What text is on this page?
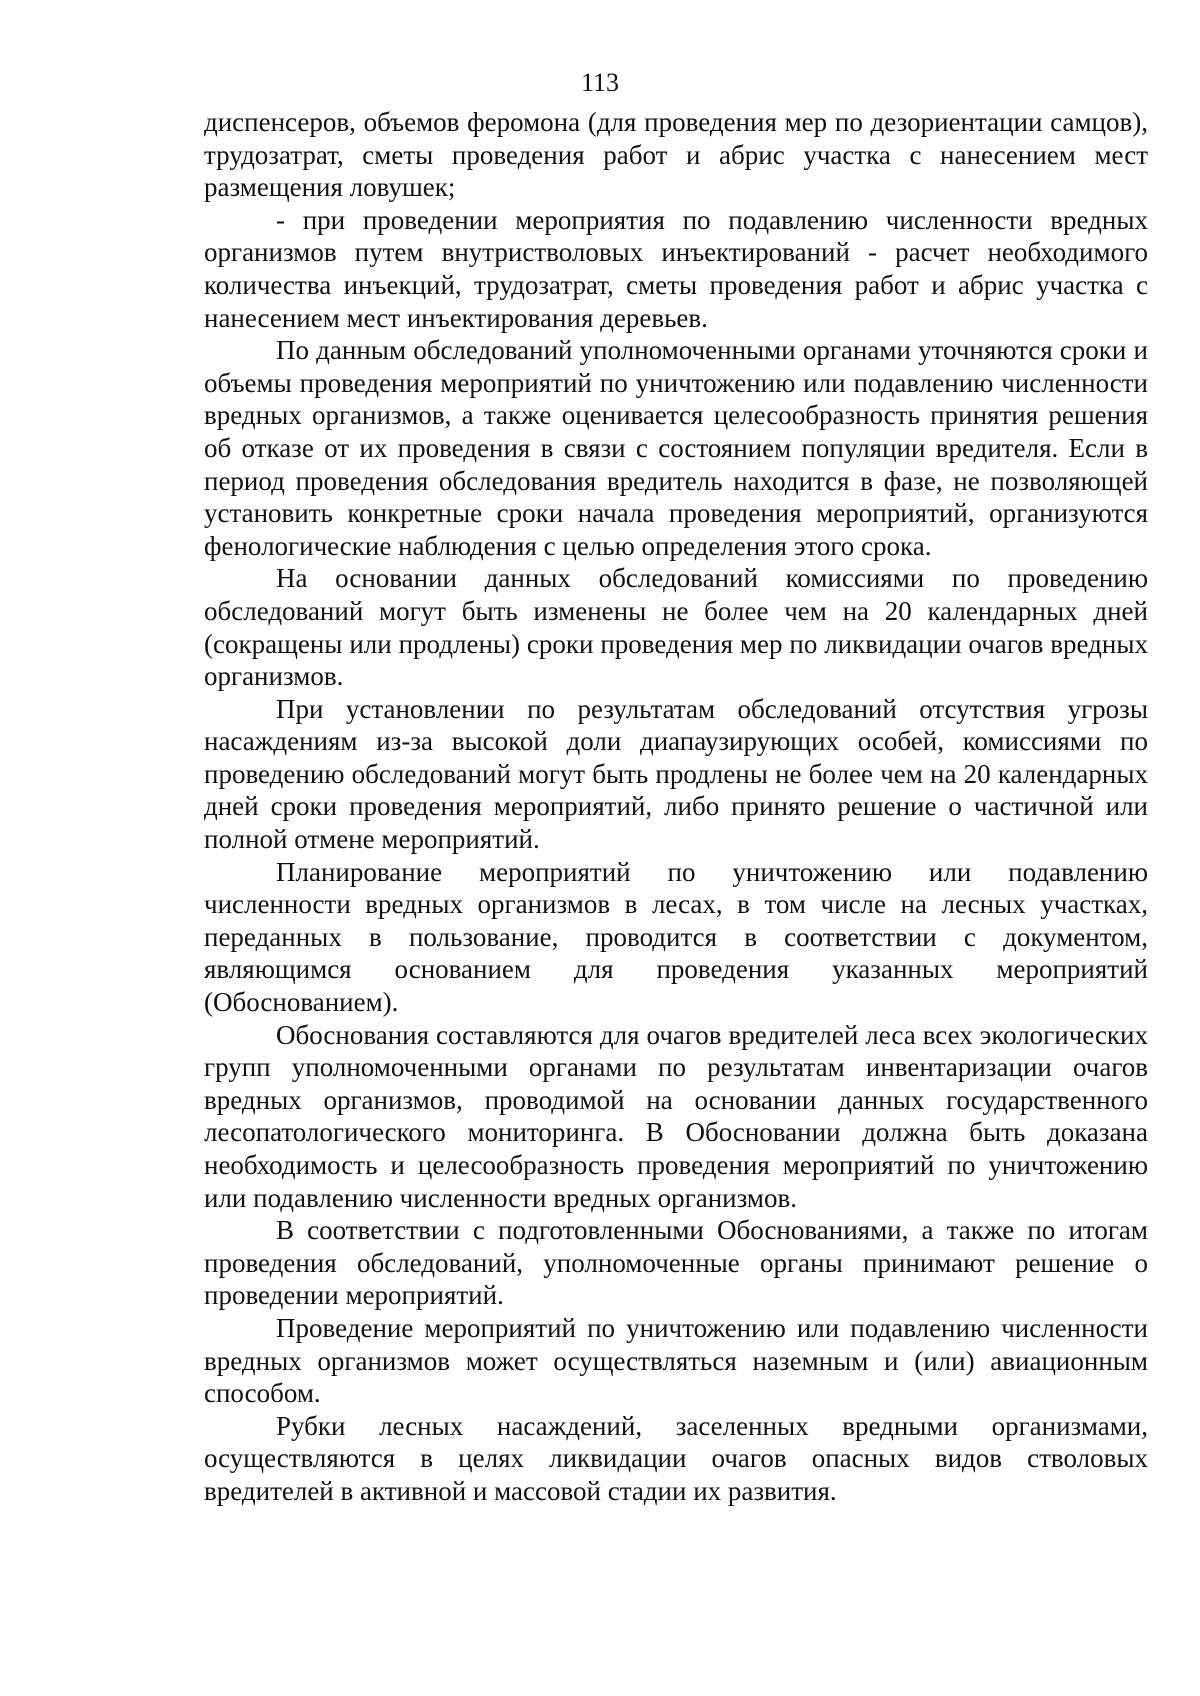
113

диспенсеров, объемов феромона (для проведения мер по дезориентации самцов), трудозатрат, сметы проведения работ и абрис участка с нанесением мест размещения ловушек;

- при проведении мероприятия по подавлению численности вредных организмов путем внутристволовых инъектирований - расчет необходимого количества инъекций, трудозатрат, сметы проведения работ и абрис участка с нанесением мест инъектирования деревьев.

По данным обследований уполномоченными органами уточняются сроки и объемы проведения мероприятий по уничтожению или подавлению численности вредных организмов, а также оценивается целесообразность принятия решения об отказе от их проведения в связи с состоянием популяции вредителя. Если в период проведения обследования вредитель находится в фазе, не позволяющей установить конкретные сроки начала проведения мероприятий, организуются фенологические наблюдения с целью определения этого срока.

На основании данных обследований комиссиями по проведению обследований могут быть изменены не более чем на 20 календарных дней (сокращены или продлены) сроки проведения мер по ликвидации очагов вредных организмов.

При установлении по результатам обследований отсутствия угрозы насаждениям из-за высокой доли диапаузирующих особей, комиссиями по проведению обследований могут быть продлены не более чем на 20 календарных дней сроки проведения мероприятий, либо принято решение о частичной или полной отмене мероприятий.

Планирование мероприятий по уничтожению или подавлению численности вредных организмов в лесах, в том числе на лесных участках, переданных в пользование, проводится в соответствии с документом, являющимся основанием для проведения указанных мероприятий (Обоснованием).

Обоснования составляются для очагов вредителей леса всех экологических групп уполномоченными органами по результатам инвентаризации очагов вредных организмов, проводимой на основании данных государственного лесопатологического мониторинга. В Обосновании должна быть доказана необходимость и целесообразность проведения мероприятий по уничтожению или подавлению численности вредных организмов.

В соответствии с подготовленными Обоснованиями, а также по итогам проведения обследований, уполномоченные органы принимают решение о проведении мероприятий.

Проведение мероприятий по уничтожению или подавлению численности вредных организмов может осуществляться наземным и (или) авиационным способом.

Рубки лесных насаждений, заселенных вредными организмами, осуществляются в целях ликвидации очагов опасных видов стволовых вредителей в активной и массовой стадии их развития.
